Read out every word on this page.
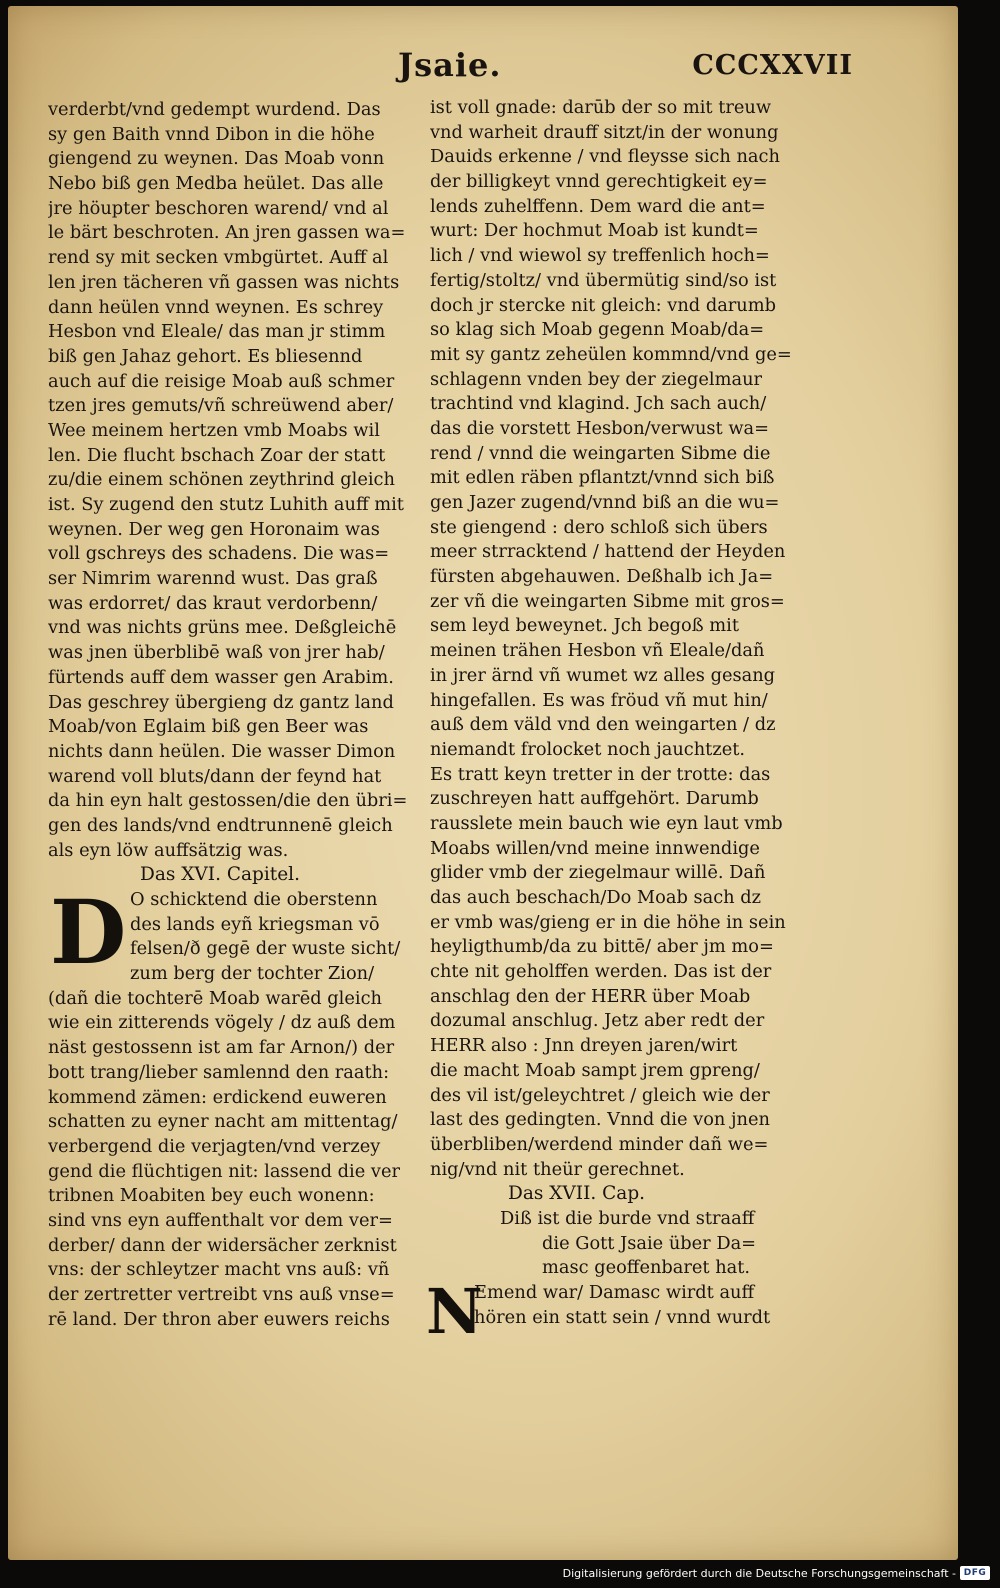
Jsaie.	CCCXXVII
verderbt/vnd gedempt wurdend. Das
sy gen Baith vnnd Dibon in die höhe
giengend zu weynen. Das Moab vonn
Nebo biß gen Medba heület. Das alle
jre höupter beschoren warend/ vnd al
le bärt beschroten. An jren gassen wa=
rend sy mit secken vmbgürtet. Auff al
len jren tächeren vñ gassen was nichts
dann heülen vnnd weynen. Es schrey
Hesbon vnd Eleale/ das man jr stimm
biß gen Jahaz gehort. Es bliesennd
auch auf die reisige Moab auß schmer
tzen jres gemuts/vñ schreüwend aber/
Wee meinem hertzen vmb Moabs wil
len. Die flucht bschach Zoar der statt
zu/die einem schönen zeythrind gleich
ist. Sy zugend den stutz Luhith auff mit
weynen. Der weg gen Horonaim was
voll gschreys des schadens. Die was=
ser Nimrim warennd wust. Das graß
was erdorret/ das kraut verdorbenn/
vnd was nichts grüns mee. Deßgleichē
was jnen überblibē waß von jrer hab/
fürtends auff dem wasser gen Arabim.
Das geschrey übergieng dz gantz land
Moab/von Eglaim biß gen Beer was
nichts dann heülen. Die wasser Dimon
warend voll bluts/dann der feynd hat
da hin eyn halt gestossen/die den übri=
gen des lands/vnd endtrunnenē gleich
als eyn löw auffsätzig was.
Das XVI. Capitel.
D O schicktend die oberstenn
des lands eyñ kriegsman vō
felsen/ð gegē der wuste sicht/
zum berg der tochter Zion/
(dañ die tochterē Moab warēd gleich
wie ein zitterends vögely / dz auß dem
näst gestossenn ist am far Arnon/) der
bott trang/lieber samlennd den raath:
kommend zämen: erdickend euweren
schatten zu eyner nacht am mittentag/
verbergend die verjagten/vnd verzey
gend die flüchtigen nit: lassend die ver
tribnen Moabiten bey euch wonenn:
sind vns eyn auffenthalt vor dem ver=
derber/ dann der widersächer zerknist
vns: der schleytzer macht vns auß: vñ
der zertretter vertreibt vns auß vnse=
rē land. Der thron aber euwers reichs
ist voll gnade: darūb der so mit treuw
vnd warheit drauff sitzt/in der wonung
Dauids erkenne / vnd fleysse sich nach
der billigkeyt vnnd gerechtigkeit ey=
lends zuhelffenn. Dem ward die ant=
wurt: Der hochmut Moab ist kundt=
lich / vnd wiewol sy treffenlich hoch=
fertig/stoltz/ vnd übermütig sind/so ist
doch jr stercke nit gleich: vnd darumb
so klag sich Moab gegenn Moab/da=
mit sy gantz zeheülen kommnd/vnd ge=
schlagenn vnden bey der ziegelmaur
trachtind vnd klagind. Jch sach auch/
das die vorstett Hesbon/verwust wa=
rend / vnnd die weingarten Sibme die
mit edlen räben pflantzt/vnnd sich biß
gen Jazer zugend/vnnd biß an die wu=
ste giengend : dero schloß sich übers
meer strracktend / hattend der Heyden
fürsten abgehauwen. Deßhalb ich Ja=
zer vñ die weingarten Sibme mit gros=
sem leyd beweynet. Jch begoß mit
meinen trähen Hesbon vñ Eleale/dañ
in jrer ärnd vñ wumet wz alles gesang
hingefallen. Es was fröud vñ mut hin/
auß dem väld vnd den weingarten / dz
niemandt frolocket noch jauchtzet.
Es tratt keyn tretter in der trotte: das
zuschreyen hatt auffgehört. Darumb
rausslete mein bauch wie eyn laut vmb
Moabs willen/vnd meine innwendige
glider vmb der ziegelmaur willē. Dañ
das auch beschach/Do Moab sach dz
er vmb was/gieng er in die höhe in sein
heyligthumb/da zu bittē/ aber jm mo=
chte nit geholffen werden. Das ist der
anschlag den der HERR über Moab
dozumal anschlug. Jetz aber redt der
HERR also : Jnn dreyen jaren/wirt
die macht Moab sampt jrem gpreng/
des vil ist/geleychtret / gleich wie der
last des gedingten. Vnnd die von jnen
überbliben/werdend minder dañ we=
nig/vnd nit theür gerechnet.
Das XVII. Cap.
Diß ist die burde vnd straaff
die Gott Jsaie über Da=
masc geoffenbaret hat.
N
Emend war/ Damasc wirdt auff
hören ein statt sein / vnnd wurdt
Digitalisierung gefördert durch die Deutsche Forschungsgemeinschaft - DFG
